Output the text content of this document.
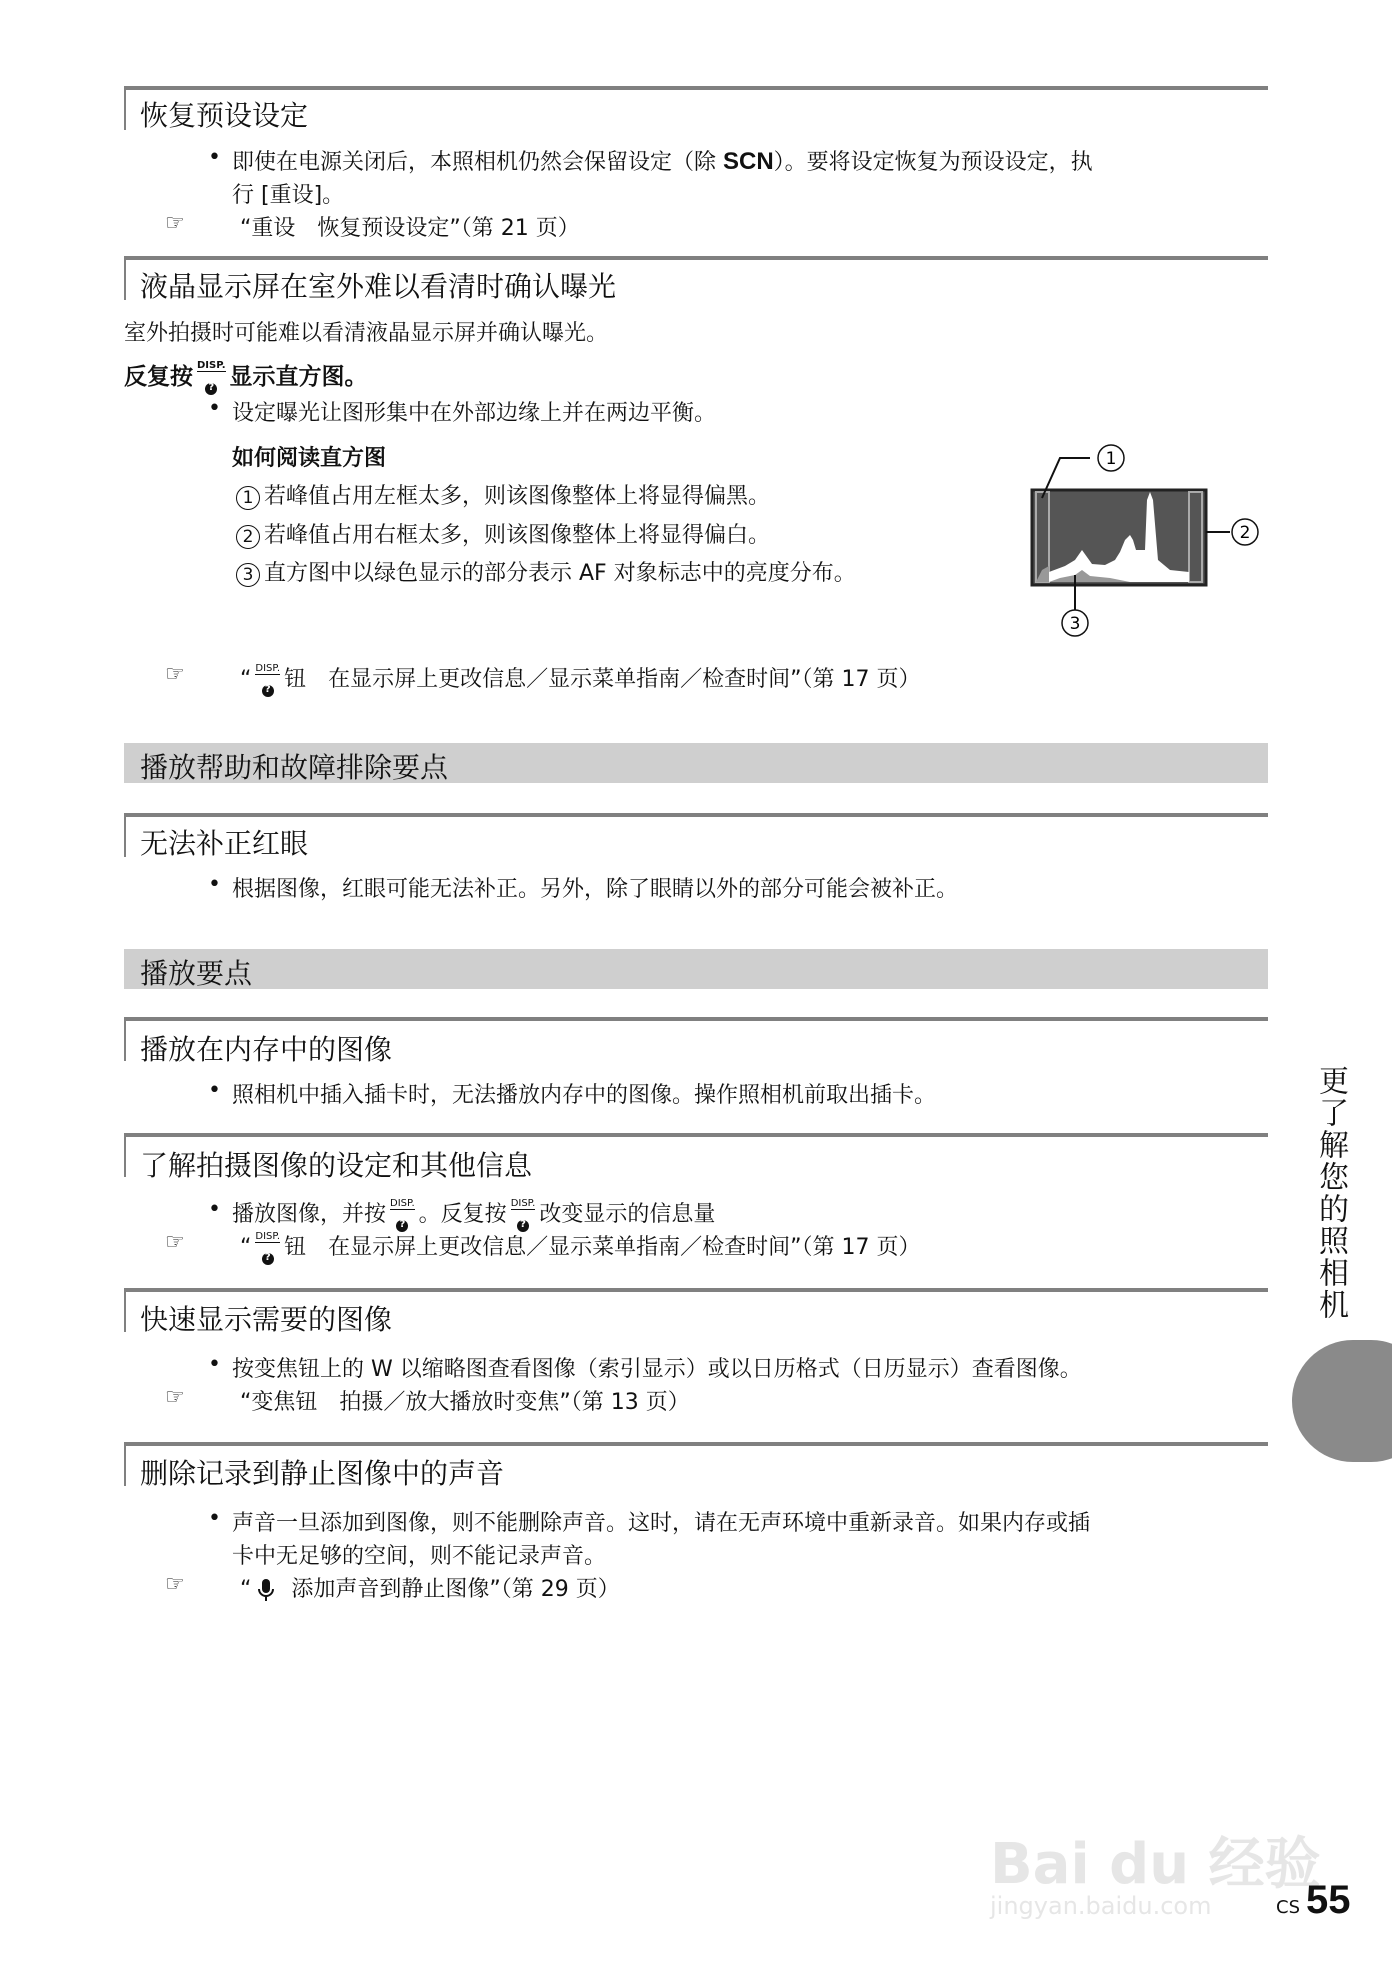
恢复预设设定
• 即使在电源关闭后，本照相机仍然会保留设定（除 SCN）。要将设定恢复为预设设定，执
行 [重设]。
☞	“重设　恢复预设设定”（第 21 页）
液晶显示屏在室外难以看清时确认曝光
室外拍摄时可能难以看清液晶显示屏并确认曝光。
反复按 DISP.
? 显示直方图。
• 设定曝光让图形集中在外部边缘上并在两边平衡。
如何阅读直方图
1 若峰值占用左框太多，则该图像整体上将显得偏黑。
2 若峰值占用右框太多，则该图像整体上将显得偏白。
3 直方图中以绿色显示的部分表示 AF 对象标志中的亮度分布。
1
2
3
☞	“ DISP.
? 钮　在显示屏上更改信息／显示菜单指南／检查时间”（第 17 页）
播放帮助和故障排除要点
无法补正红眼
• 根据图像，红眼可能无法补正。另外，除了眼睛以外的部分可能会被补正。
播放要点
播放在内存中的图像
• 照相机中插入插卡时，无法播放内存中的图像。操作照相机前取出插卡。
了解拍摄图像的设定和其他信息
• 播放图像，并按 DISP.
? 。反复按 DISP.
? 改变显示的信息量
☞	“ DISP.
? 钮　在显示屏上更改信息／显示菜单指南／检查时间”（第 17 页）
快速显示需要的图像
• 按变焦钮上的 W 以缩略图查看图像（索引显示）或以日历格式（日历显示）查看图像。
☞	“变焦钮　拍摄／放大播放时变焦”（第 13 页）
删除记录到静止图像中的声音
• 声音一旦添加到图像，则不能删除声音。这时，请在无声环境中重新录音。如果内存或插
卡中无足够的空间，则不能记录声音。
☞	“ 添加声音到静止图像”（第 29 页）
更了解您的照相机
Bai du 经验
jingyan.baidu.com	CS 55
